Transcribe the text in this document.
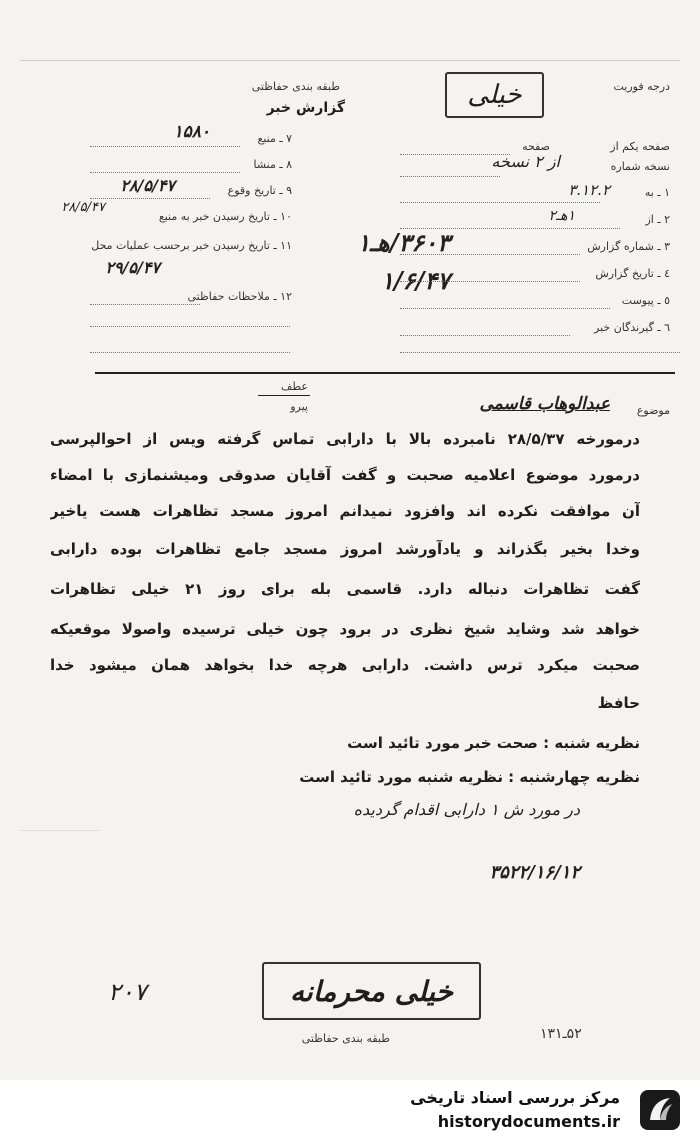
درجه فوریت
خیلی
طبقه بندی حفاظتی
گزارش خبر
صفحه یکم از
صفحه
نسخه شماره
از ۲ نسخه
۱ ـ به
۳.۱۲.۲
۲ ـ از
۱هـ۲
۳ ـ شماره گزارش
۳۶۰۳/هـ۱
٤ ـ تاریخ گزارش
۱/۶/۴۷
٥ ـ پیوست
٦ ـ گیرندگان خبر
۷ ـ منبع
۱۵۸۰
۸ ـ منشا
۹ ـ تاریخ وقوع
۲۸/۵/۴۷
۱۰ ـ تاریخ رسیدن خبر به منبع
۲۸/۵/۴۷
۱۱ ـ تاریخ رسیدن خبر برحسب عملیات محل
۲۹/۵/۴۷
۱۲ ـ ملاحظات حفاظتی
عطف
پیرو	موضوع
عبدالوهاب قاسمی
درمورخه ۲۸/۵/۳۷ نامبرده بالا با دارابی تماس گرفته ویس از احوالپرسی
درمورد موضوع اعلامیه صحبت و گفت آقایان صدوقی ومیشنمازی با امضاء
آن موافقت نکرده اند وافزود نمیدانم امروز مسجد تظاهرات هست یاخیر
وخدا بخیر بگذراند و یادآورشد امروز مسجد جامع تظاهرات بوده دارابی
گفت تظاهرات دنباله دارد. قاسمی بله برای روز ۲۱ خیلی تظاهرات
خواهد شد وشاید شیخ نظری در برود چون خیلی ترسیده واصولا موقعیکه
صحبت میکرد ترس داشت. دارابی هرچه خدا بخواهد همان میشود خدا
حافظ
نظریه شنبه : صحت خبر مورد تائید است
نظریه چهارشنبه : نظریه شنبه مورد تائید است
در مورد ش ۱ دارابی اقدام گردیده
۳۵۲۲/۱۶/۱۲
خیلی محرمانه
طبقه بندی حفاظتی
۲۰۷
۵۲ـ۱۳۱
مرکز بررسی اسناد تاریخی
historydocuments.ir
